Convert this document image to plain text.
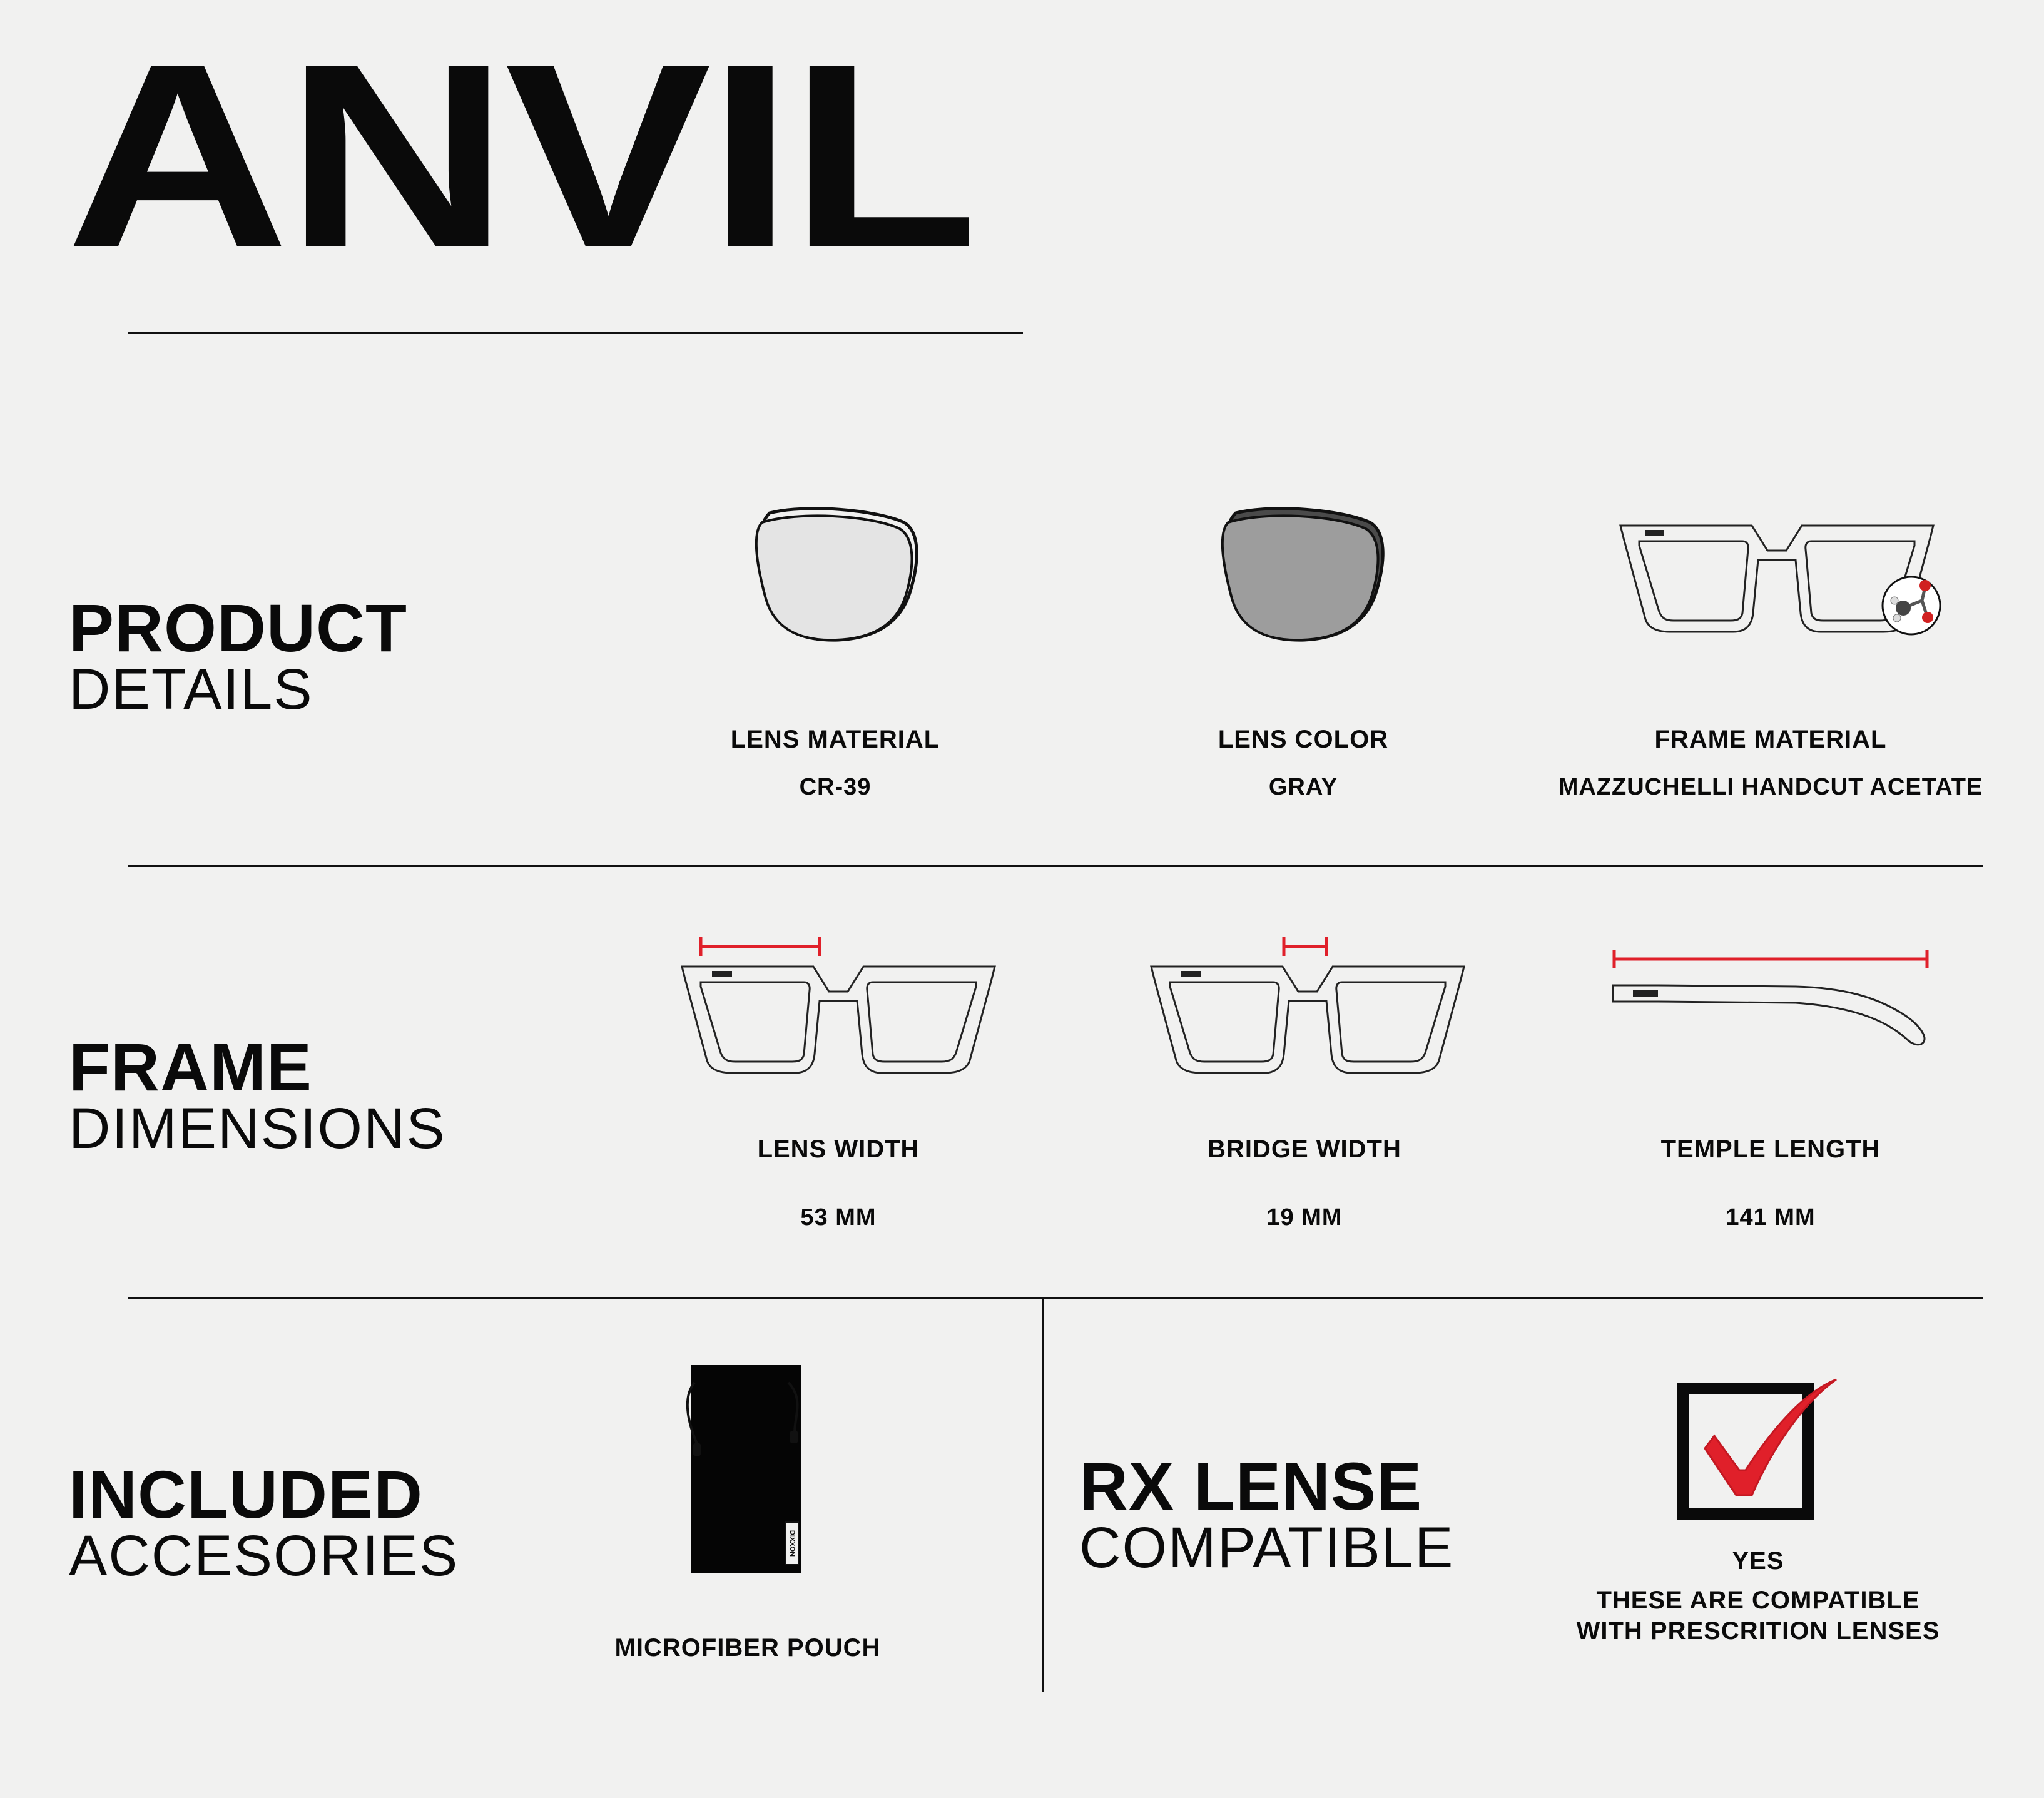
ANVIL
PRODUCT
DETAILS
LENS MATERIAL
CR-39
LENS COLOR
GRAY
FRAME MATERIAL
MAZZUCHELLI HANDCUT ACETATE
FRAME
DIMENSIONS	LENS WIDTH
53 MM
BRIDGE WIDTH
19 MM
TEMPLE LENGTH
141 MM
INCLUDED
ACCESORIES	DIXXON
MICROFIBER POUCH
RX LENSE
COMPATIBLE	YES
THESE ARE COMPATIBLE
WITH PRESCRITION LENSES
